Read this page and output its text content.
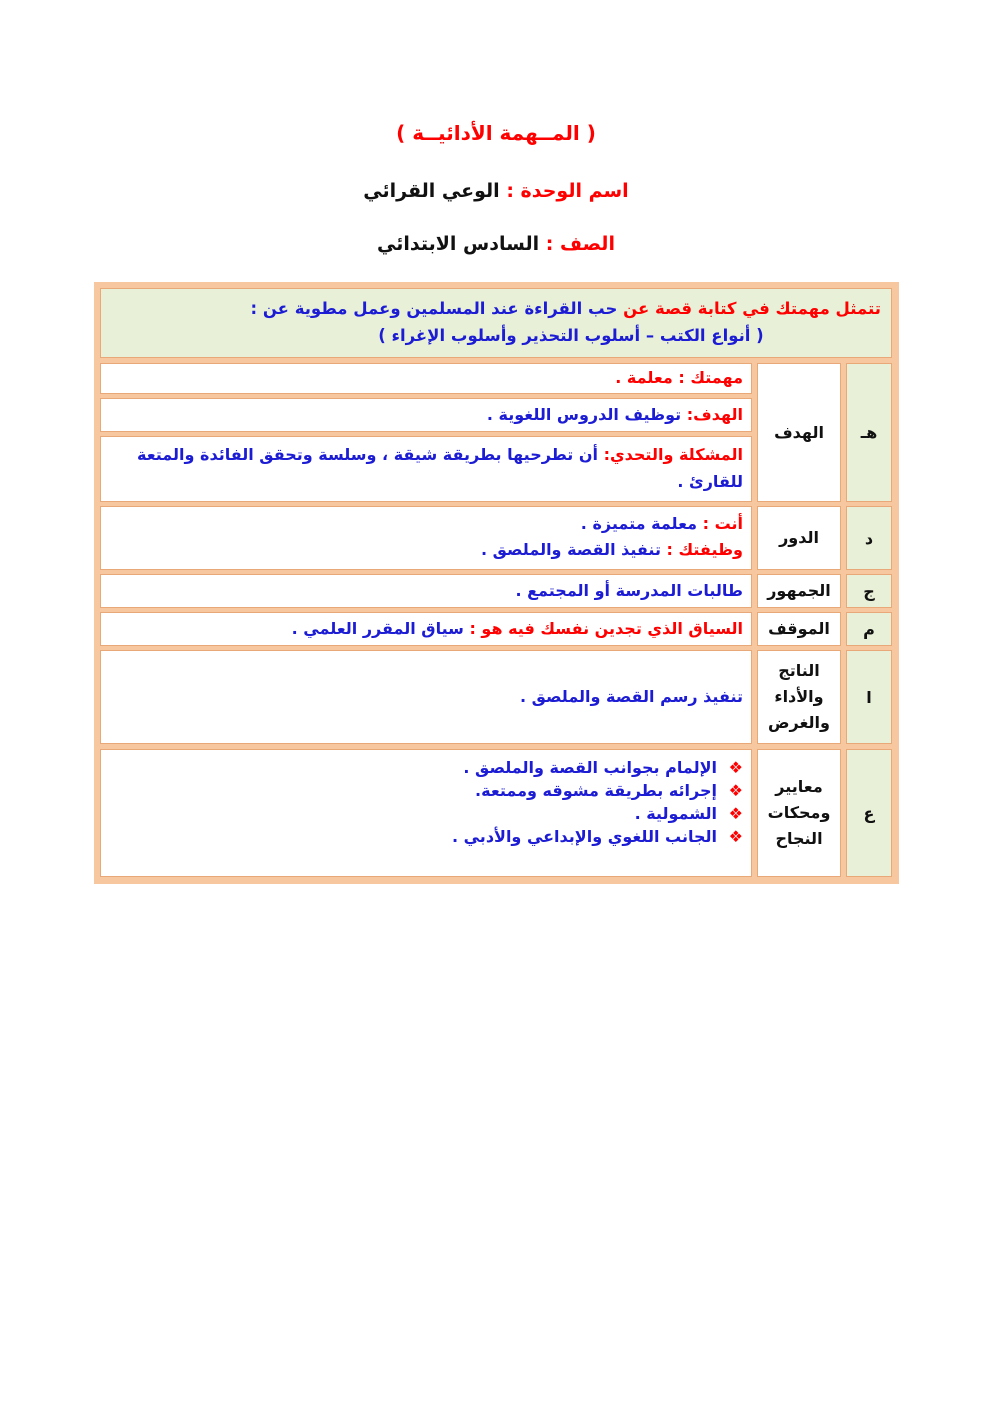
( المــهمة الأدائيــة )
اسم الوحدة : الوعي القرائي
الصف : السادس الابتدائي
تتمثل مهمتك في كتابة قصة عن حب القراءة عند المسلمين وعمل مطوية عن :
( أنواع الكتب – أسلوب التحذير وأسلوب الإغراء )
هـ
الهدف
مهمتك : معلمة .
الهدف: توظيف الدروس اللغوية .
المشكلة والتحدي: أن تطرحيها بطريقة شيقة ، وسلسة وتحقق الفائدة والمتعة للقارئ .
د
الدور
أنت : معلمة متميزة .
وظيفتك : تنفيذ القصة والملصق .
ج
الجمهور
طالبات المدرسة أو المجتمع .
م
الموقف
السياق الذي تجدين نفسك فيه هو : سياق المقرر العلمي .
ا
الناتج والأداء والغرض
تنفيذ رسم القصة والملصق .
ع
معايير ومحكات النجاح
❖
الإلمام بجوانب القصة والملصق .
❖
إجرائه بطريقة مشوقه وممتعة.
❖
الشمولية .
❖
الجانب اللغوي والإبداعي والأدبي .
